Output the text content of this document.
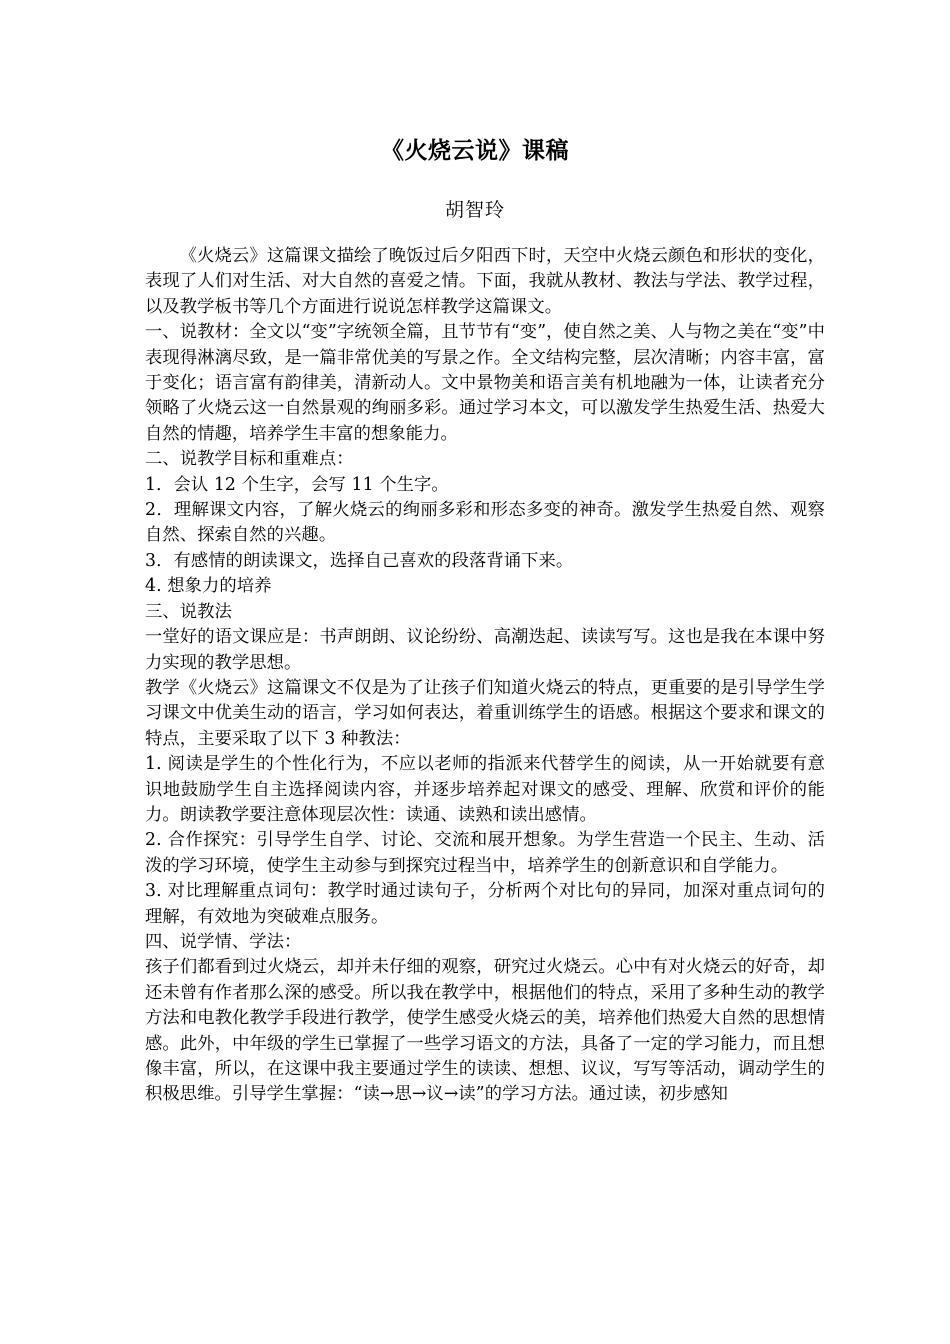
《火烧云说》课稿
胡智玲

《火烧云》这篇课文描绘了晚饭过后夕阳西下时，天空中火烧云颜色和形状的变化，表现了人们对生活、对大自然的喜爱之情。下面，我就从教材、教法与学法、教学过程，以及教学板书等几个方面进行说说怎样教学这篇课文。

一、说教材：全文以“变”字统领全篇，且节节有“变”，使自然之美、人与物之美在“变”中表现得淋漓尽致，是一篇非常优美的写景之作。全文结构完整，层次清晰；内容丰富，富于变化；语言富有韵律美，清新动人。文中景物美和语言美有机地融为一体，让读者充分领略了火烧云这一自然景观的绚丽多彩。通过学习本文，可以激发学生热爱生活、热爱大自然的情趣，培养学生丰富的想象能力。

二、说教学目标和重难点：

1．会认 12 个生字，会写 11 个生字。

2．理解课文内容，了解火烧云的绚丽多彩和形态多变的神奇。激发学生热爱自然、观察自然、探索自然的兴趣。

3．有感情的朗读课文，选择自己喜欢的段落背诵下来。

4. 想象力的培养

三、说教法

一堂好的语文课应是：书声朗朗、议论纷纷、高潮迭起、读读写写。这也是我在本课中努力实现的教学思想。

教学《火烧云》这篇课文不仅是为了让孩子们知道火烧云的特点，更重要的是引导学生学习课文中优美生动的语言，学习如何表达，着重训练学生的语感。根据这个要求和课文的特点，主要采取了以下 3 种教法：

1. 阅读是学生的个性化行为，不应以老师的指派来代替学生的阅读，从一开始就要有意识地鼓励学生自主选择阅读内容，并逐步培养起对课文的感受、理解、欣赏和评价的能力。朗读教学要注意体现层次性：读通、读熟和读出感情。

2. 合作探究：引导学生自学、讨论、交流和展开想象。为学生营造一个民主、生动、活泼的学习环境，使学生主动参与到探究过程当中，培养学生的创新意识和自学能力。

3. 对比理解重点词句：教学时通过读句子，分析两个对比句的异同，加深对重点词句的理解，有效地为突破难点服务。

四、说学情、学法：

孩子们都看到过火烧云，却并未仔细的观察，研究过火烧云。心中有对火烧云的好奇，却还未曾有作者那么深的感受。所以我在教学中，根据他们的特点，采用了多种生动的教学方法和电教化教学手段进行教学，使学生感受火烧云的美，培养他们热爱大自然的思想情感。此外，中年级的学生已掌握了一些学习语文的方法，具备了一定的学习能力，而且想像丰富，所以，在这课中我主要通过学生的读读、想想、议议，写写等活动，调动学生的积极思维。引导学生掌握：“读→思→议→读”的学习方法。通过读，初步感知
